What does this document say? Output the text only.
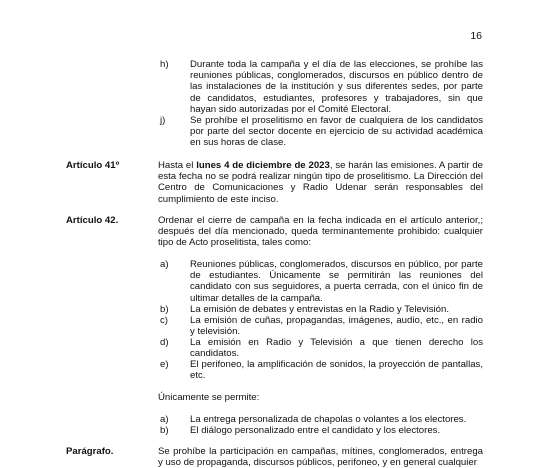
16
h) Durante toda la campaña y el día de las elecciones, se prohíbe las reuniones públicas, conglomerados, discursos en público dentro de las instalaciones de la institución y sus diferentes sedes, por parte de candidatos, estudiantes, profesores y trabajadores, sin que hayan sido autorizadas por el Comité Electoral.
j)	Se prohíbe el proselitismo en favor de cualquiera de los candidatos por parte del sector docente en ejercicio de su actividad académica en sus horas de clase.
Artículo 41º	Hasta el lunes 4 de diciembre de 2023, se harán las emisiones. A partir de esta fecha no se podrá realizar ningún tipo de proselitismo. La Dirección del Centro de Comunicaciones y Radio Udenar serán responsables del cumplimiento de este inciso.
Artículo 42.	Ordenar el cierre de campaña en la fecha indicada en el artículo anterior,; después del día mencionado, queda terminantemente prohibido: cualquier tipo de Acto proselitista, tales como:
a) Reuniones públicas, conglomerados, discursos en público, por parte de estudiantes. Únicamente se permitirán las reuniones del candidato con sus seguidores, a puerta cerrada, con el único fin de ultimar detalles de la campaña.
b) La emisión de debates y entrevistas en la Radio y Televisión.
c) La emisión de cuñas, propagandas, imágenes, audio, etc., en radio y televisión.
d) La emisión en Radio y Televisión a que tienen derecho los candidatos.
e) El perifoneo, la amplificación de sonidos, la proyección de pantallas, etc.
Únicamente se permite:
a) La entrega personalizada de chapolas o volantes a los electores.
b) El diálogo personalizado entre el candidato y los electores.
Parágrafo.	Se prohíbe la participación en campañas, mítines, conglomerados, entrega y uso de propaganda, discursos públicos, perifoneo, y en general cualquier
